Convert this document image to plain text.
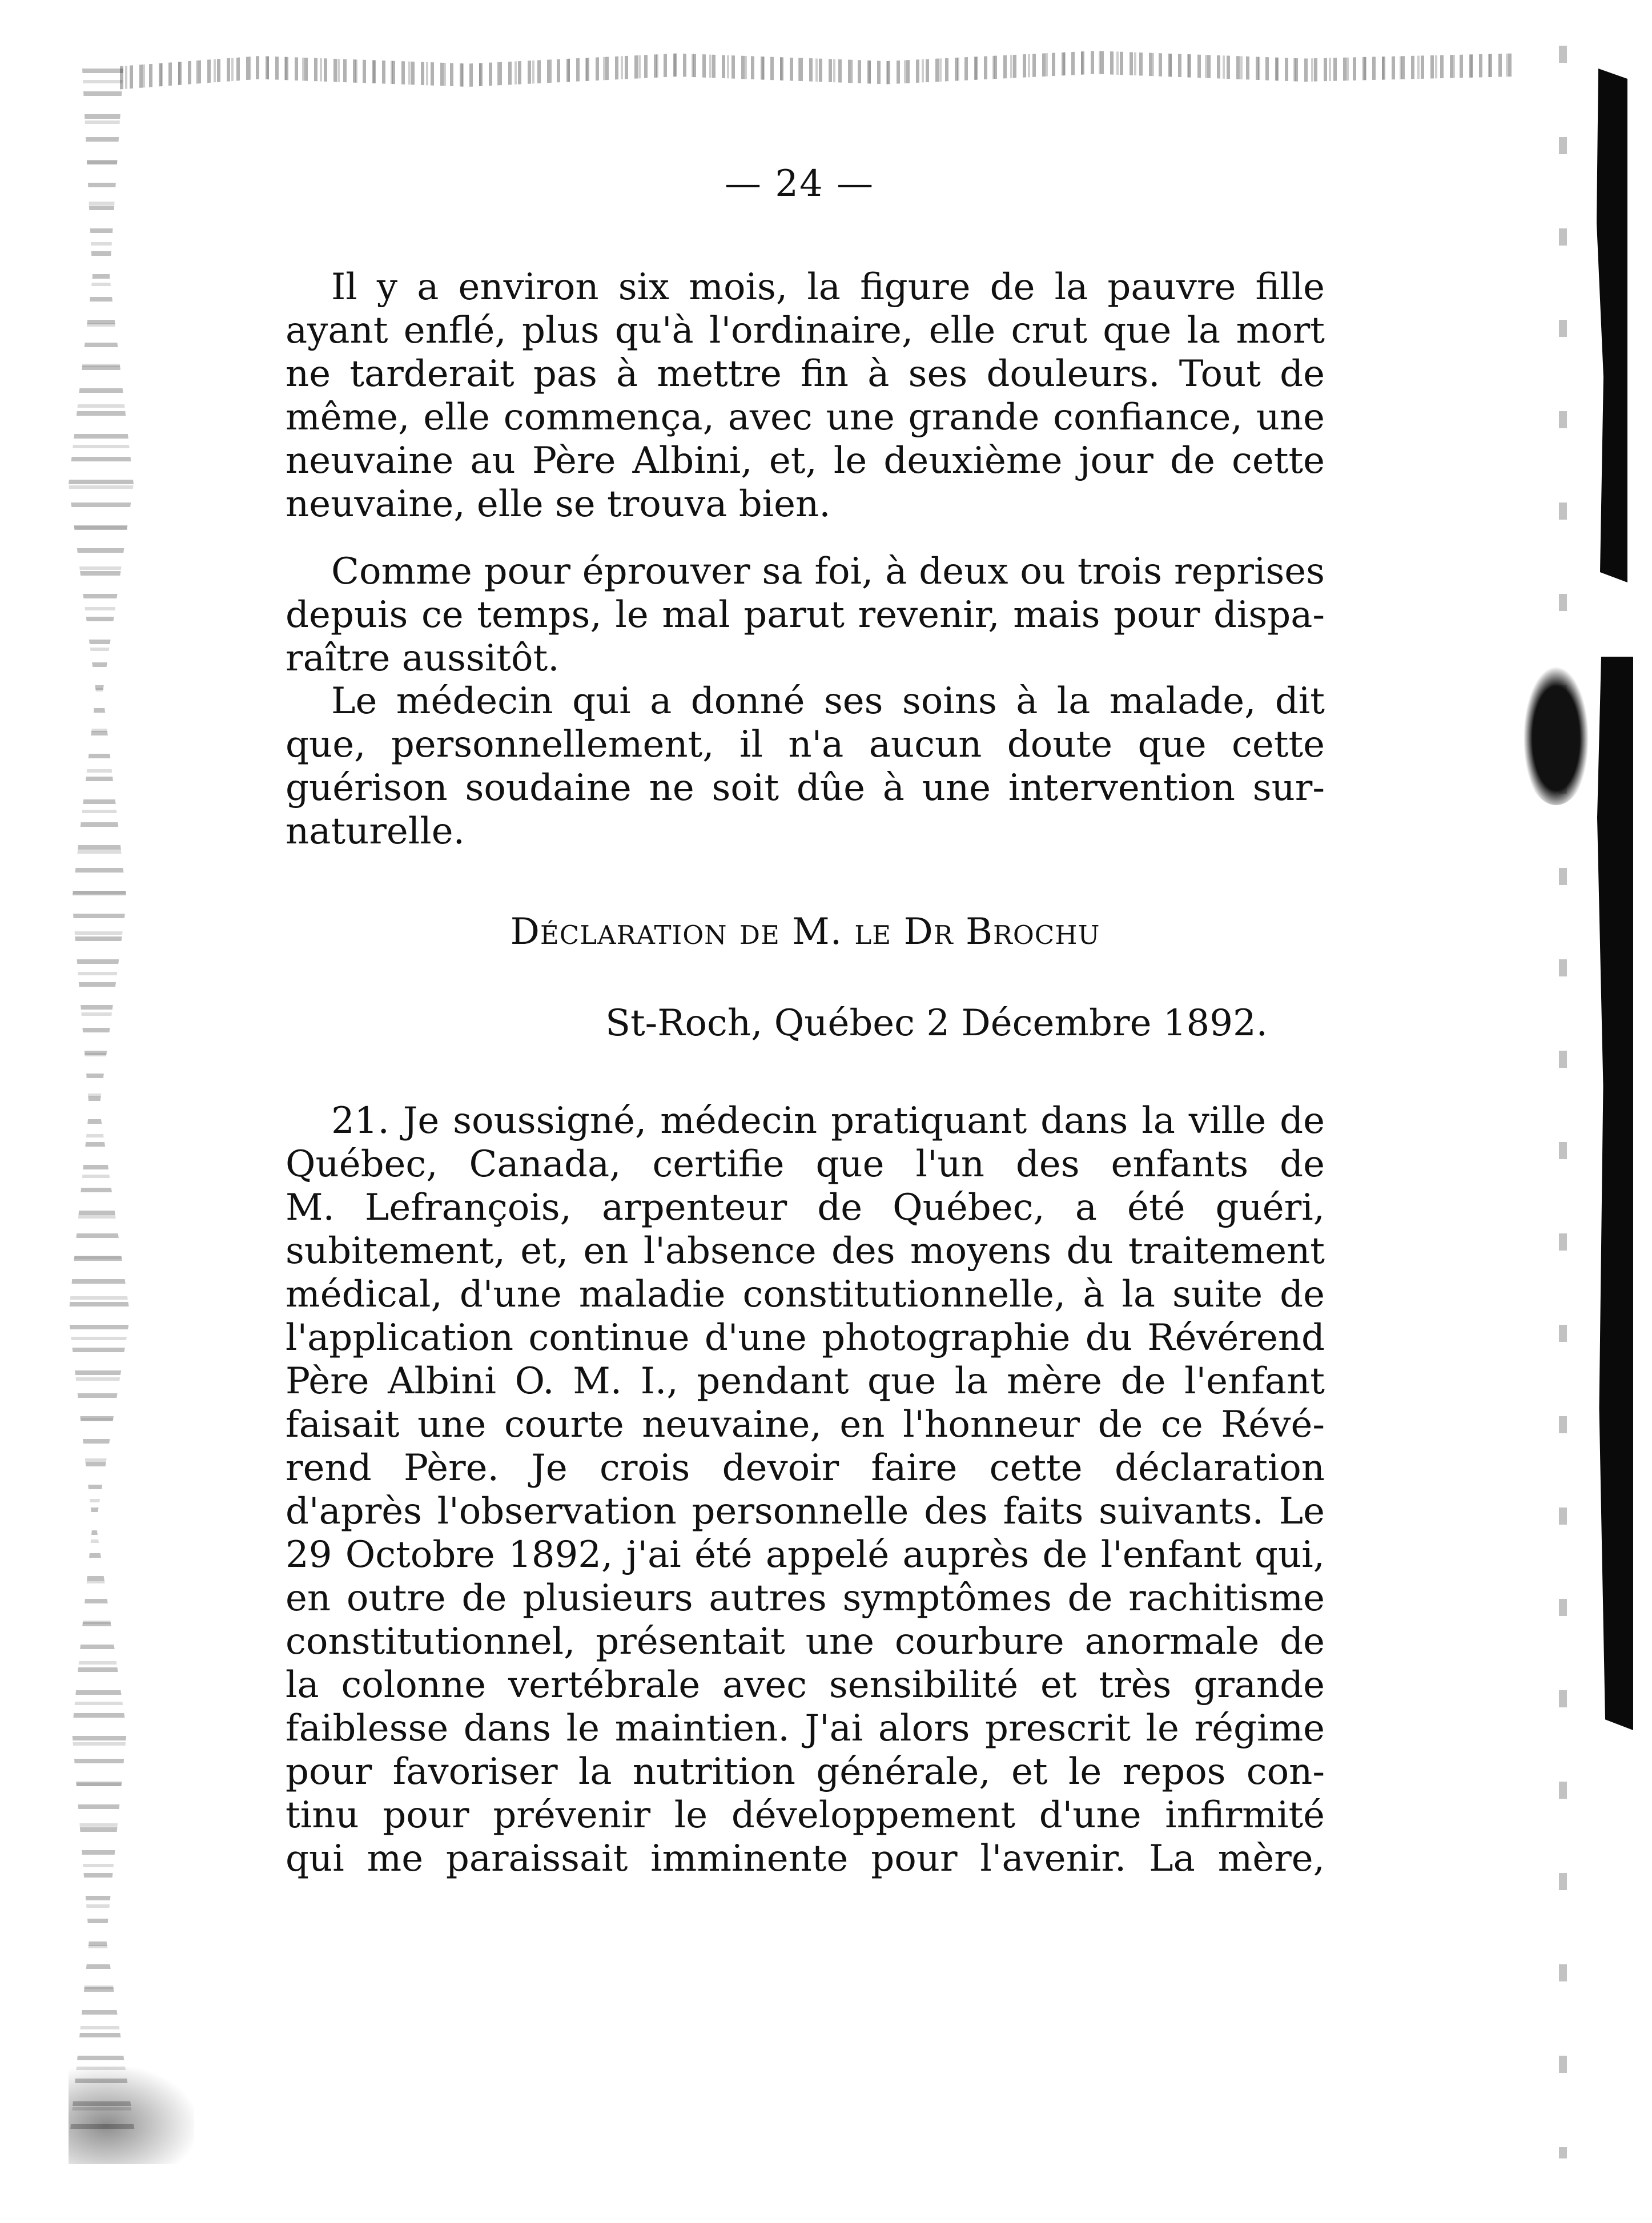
— 24 —
Il y a environ six mois, la figure de la pauvre fille
ayant enflé, plus qu'à l'ordinaire, elle crut que la mort
ne tarderait pas à mettre fin à ses douleurs. Tout de
même, elle commença, avec une grande confiance, une
neuvaine au Père Albini, et, le deuxième jour de cette
neuvaine, elle se trouva bien.
Comme pour éprouver sa foi, à deux ou trois reprises
depuis ce temps, le mal parut revenir, mais pour dispa-
raître aussitôt.
Le médecin qui a donné ses soins à la malade, dit
que, personnellement, il n'a aucun doute que cette
guérison soudaine ne soit dûe à une intervention sur-
naturelle.
Déclaration de M. le Dr Brochu
St-Roch, Québec 2 Décembre 1892.
21. Je soussigné, médecin pratiquant dans la ville de
Québec, Canada, certifie que l'un des enfants de
M. Lefrançois, arpenteur de Québec, a été guéri,
subitement, et, en l'absence des moyens du traitement
médical, d'une maladie constitutionnelle, à la suite de
l'application continue d'une photographie du Révérend
Père Albini O. M. I., pendant que la mère de l'enfant
faisait une courte neuvaine, en l'honneur de ce Révé-
rend Père. Je crois devoir faire cette déclaration
d'après l'observation personnelle des faits suivants. Le
29 Octobre 1892, j'ai été appelé auprès de l'enfant qui,
en outre de plusieurs autres symptômes de rachitisme
constitutionnel, présentait une courbure anormale de
la colonne vertébrale avec sensibilité et très grande
faiblesse dans le maintien. J'ai alors prescrit le régime
pour favoriser la nutrition générale, et le repos con-
tinu pour prévenir le développement d'une infirmité
qui me paraissait imminente pour l'avenir. La mère,
